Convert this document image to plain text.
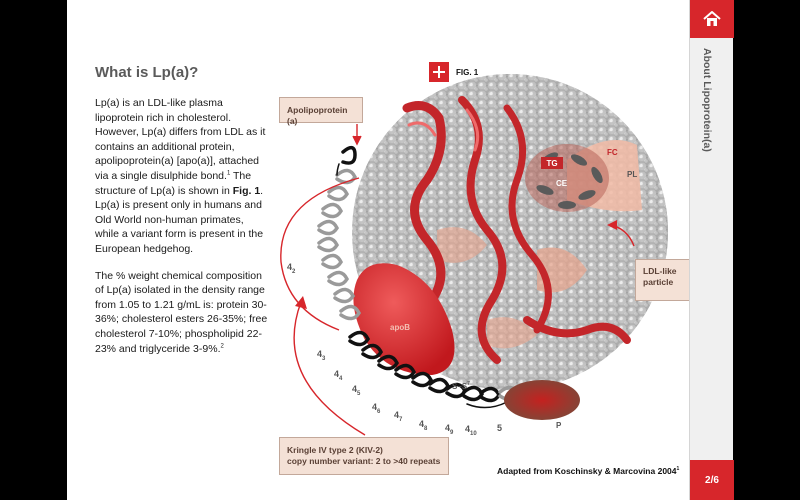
What is Lp(a)?

Lp(a) is an LDL-like plasma lipoprotein rich in cholesterol. However, Lp(a) differs from LDL as it contains an additional protein, apolipoprotein(a) [apo(a)], attached via a single disulphide bond.$^1$ The structure of Lp(a) is shown in Fig. 1. Lp(a) is present only in humans and Old World non-human primates, while a variant form is present in the European hedgehog.

The % weight chemical composition of Lp(a) isolated in the density range from 1.05 to 1.21 g/mL is: protein 30-36%; cholesterol esters 26-35%; free cholesterol 7-10%; phospholipid 22-23% and triglyceride 3-9%.$^2$

FIG. 1
TG
CE
FC
PL
apoB
P
$S-S^7$
$4_2$
$4_3$
$4_4$
$4_5$
$4_6$ $4_7$ $4_8$ $4_9$ $4_{10}$
5
Apolipoprotein (a)
LDL-like
particle
Kringle IV type 2 (KIV-2)
copy number variant: 2 to >40 repeats
Adapted from Koschinsky & Marcovina 2004$^1$
About Lipoprotein(a)
2/6
